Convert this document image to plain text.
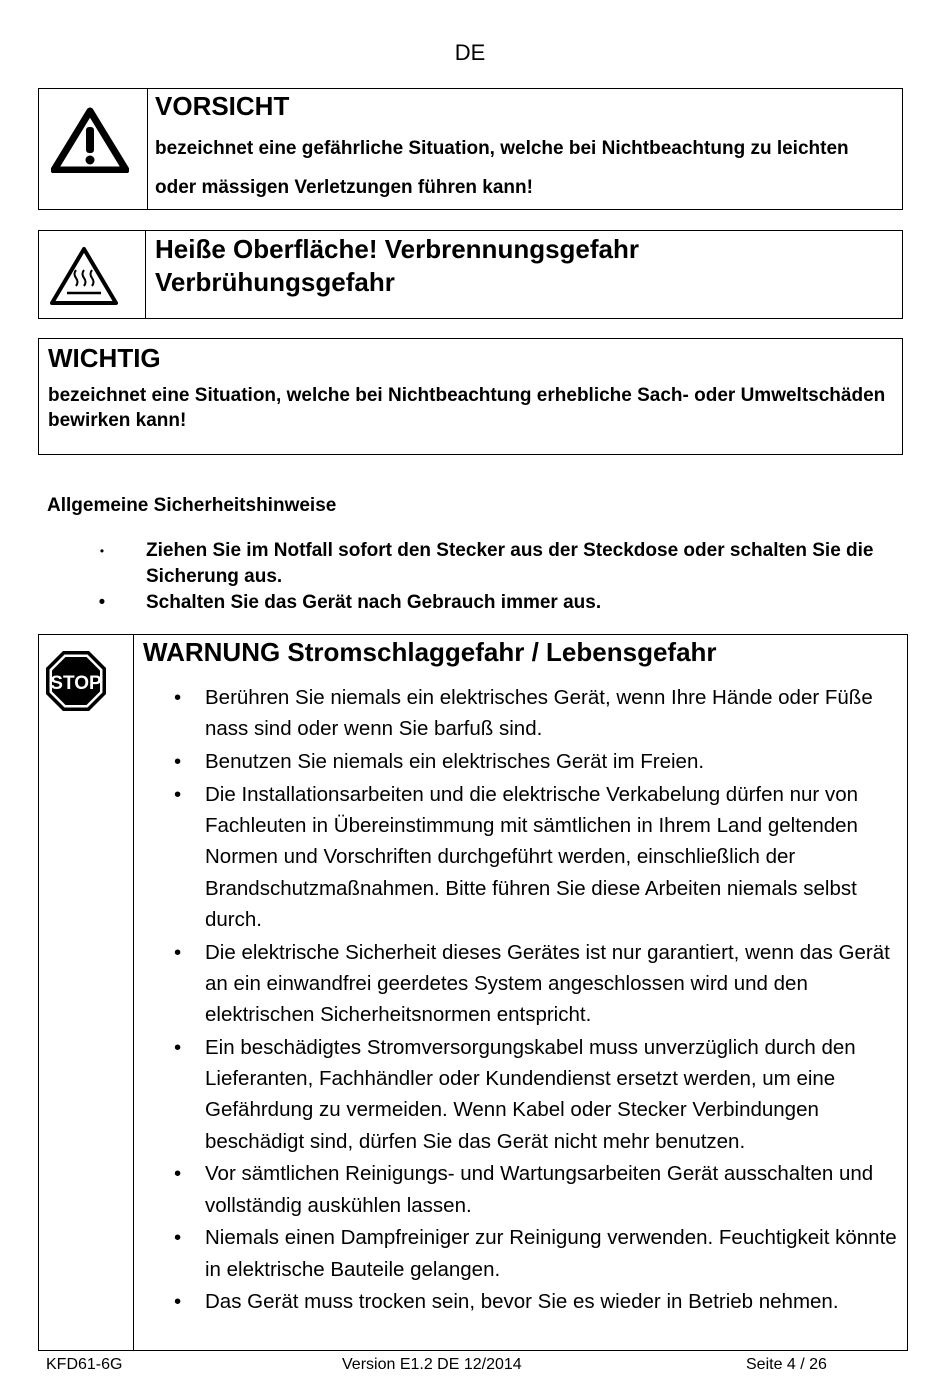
DE
VORSICHT
bezeichnet eine gefährliche Situation, welche bei Nichtbeachtung zu leichten oder mässigen Verletzungen führen kann!
Heiße Oberfläche! Verbrennungsgefahr
Verbrühungsgefahr
WICHTIG
bezeichnet eine Situation, welche bei Nichtbeachtung erhebliche Sach- oder Umweltschäden bewirken kann!
Allgemeine Sicherheitshinweise
• Ziehen Sie im Notfall sofort den Stecker aus der Steckdose oder schalten Sie die Sicherung aus.
• Schalten Sie das Gerät nach Gebrauch immer aus.
STOP
WARNUNG Stromschlaggefahr / Lebensgefahr
• Berühren Sie niemals ein elektrisches Gerät, wenn Ihre Hände oder Füße nass sind oder wenn Sie barfuß sind.
• Benutzen Sie niemals ein elektrisches Gerät im Freien.
• Die Installationsarbeiten und die elektrische Verkabelung dürfen nur von Fachleuten in Übereinstimmung mit sämtlichen in Ihrem Land geltenden Normen und Vorschriften durchgeführt werden, einschließlich der Brandschutzmaßnahmen. Bitte führen Sie diese Arbeiten niemals selbst durch.
• Die elektrische Sicherheit dieses Gerätes ist nur garantiert, wenn das Gerät an ein einwandfrei geerdetes System angeschlossen wird und den elektrischen Sicherheitsnormen entspricht.
• Ein beschädigtes Stromversorgungskabel muss unverzüglich durch den Lieferanten, Fachhändler oder Kundendienst ersetzt werden, um eine Gefährdung zu vermeiden. Wenn Kabel oder Stecker Verbindungen beschädigt sind, dürfen Sie das Gerät nicht mehr benutzen.
• Vor sämtlichen Reinigungs- und Wartungsarbeiten Gerät ausschalten und vollständig auskühlen lassen.
• Niemals einen Dampfreiniger zur Reinigung verwenden. Feuchtigkeit könnte in elektrische Bauteile gelangen.
• Das Gerät muss trocken sein, bevor Sie es wieder in Betrieb nehmen.
KFD61-6G	Version E1.2 DE 12/2014	Seite 4 / 26
